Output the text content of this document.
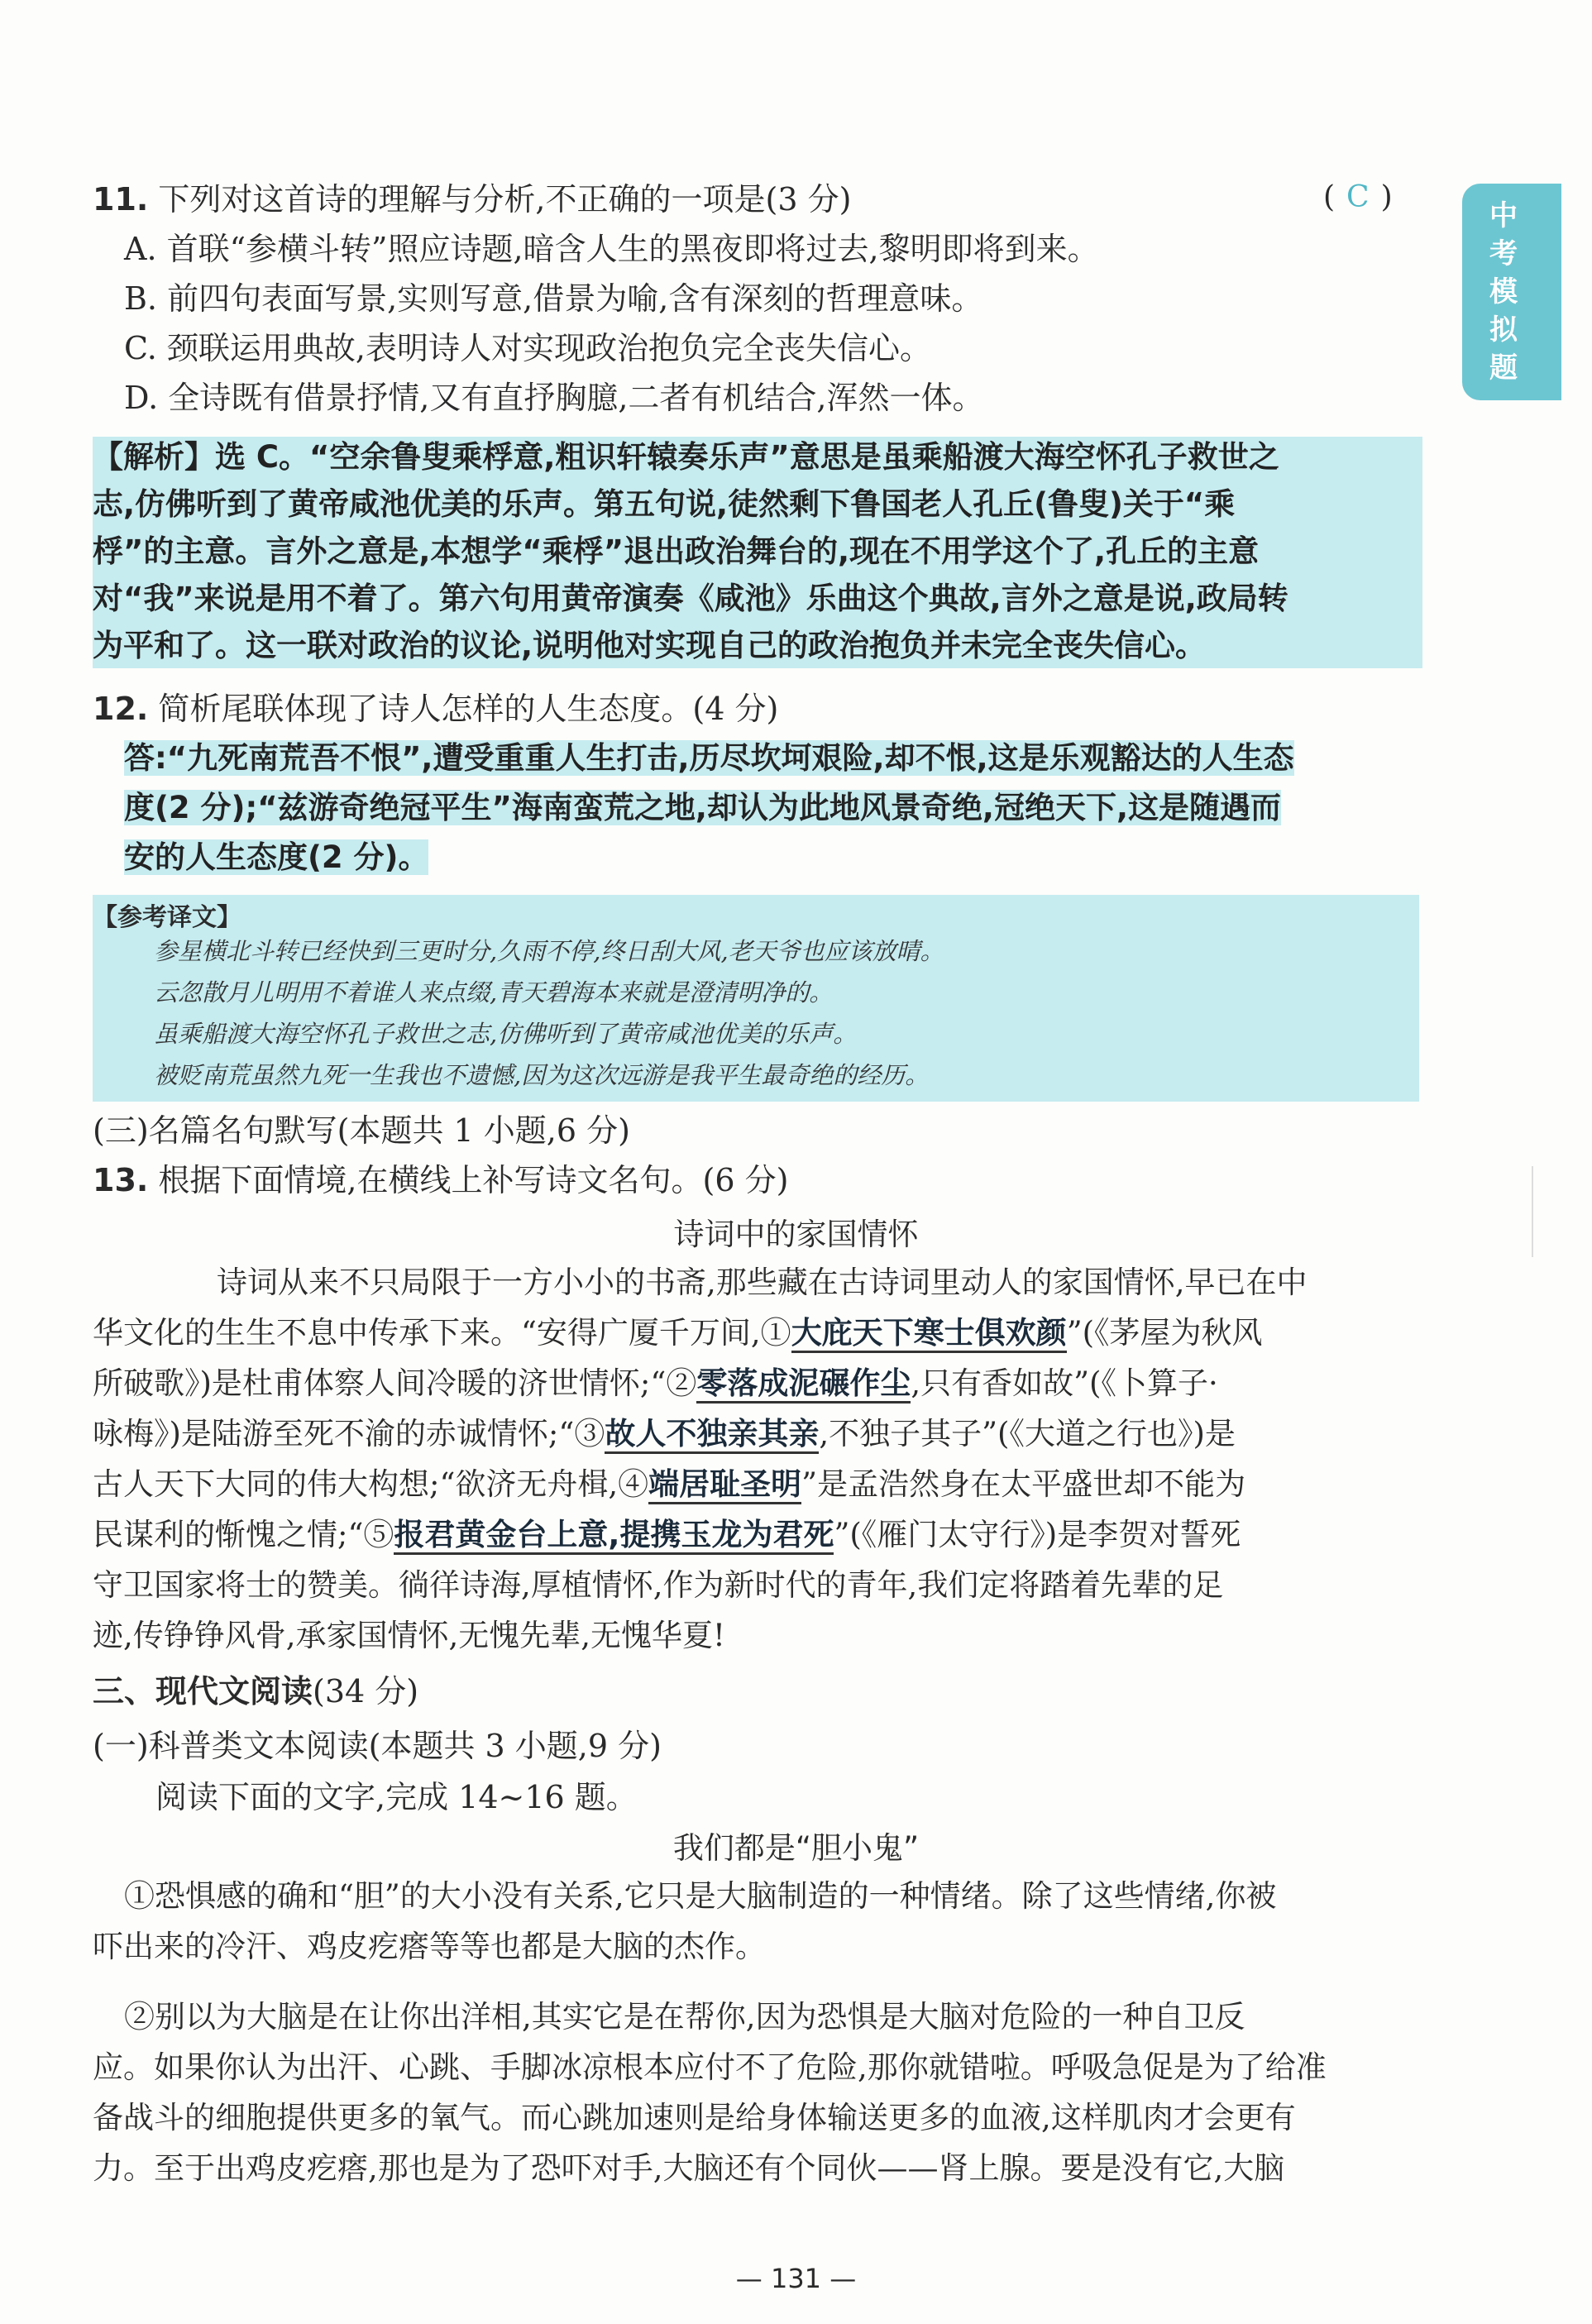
中
考
模
拟
题
11. 下列对这首诗的理解与分析,不正确的一项是(3 分)	( C )
A. 首联“参横斗转”照应诗题,暗含人生的黑夜即将过去,黎明即将到来。
B. 前四句表面写景,实则写意,借景为喻,含有深刻的哲理意味。
C. 颈联运用典故,表明诗人对实现政治抱负完全丧失信心。
D. 全诗既有借景抒情,又有直抒胸臆,二者有机结合,浑然一体。
【解析】选 C。“空余鲁叟乘桴意,粗识轩辕奏乐声”意思是虽乘船渡大海空怀孔子救世之
志,仿佛听到了黄帝咸池优美的乐声。第五句说,徒然剩下鲁国老人孔丘(鲁叟)关于“乘
桴”的主意。言外之意是,本想学“乘桴”退出政治舞台的,现在不用学这个了,孔丘的主意
对“我”来说是用不着了。第六句用黄帝演奏《咸池》乐曲这个典故,言外之意是说,政局转
为平和了。这一联对政治的议论,说明他对实现自己的政治抱负并未完全丧失信心。
12. 简析尾联体现了诗人怎样的人生态度。(4 分)
答:“九死南荒吾不恨”,遭受重重人生打击,历尽坎坷艰险,却不恨,这是乐观豁达的人生态
度(2 分);“兹游奇绝冠平生”海南蛮荒之地,却认为此地风景奇绝,冠绝天下,这是随遇而
安的人生态度(2 分)。
【参考译文】
参星横北斗转已经快到三更时分,久雨不停,终日刮大风,老天爷也应该放晴。
云忽散月儿明用不着谁人来点缀,青天碧海本来就是澄清明净的。
虽乘船渡大海空怀孔子救世之志,仿佛听到了黄帝咸池优美的乐声。
被贬南荒虽然九死一生我也不遗憾,因为这次远游是我平生最奇绝的经历。
(三)名篇名句默写(本题共 1 小题,6 分)
13. 根据下面情境,在横线上补写诗文名句。(6 分)
诗词中的家国情怀
诗词从来不只局限于一方小小的书斋,那些藏在古诗词里动人的家国情怀,早已在中
华文化的生生不息中传承下来。“安得广厦千万间,①大庇天下寒士俱欢颜”(《茅屋为秋风
所破歌》)是杜甫体察人间冷暖的济世情怀;“②零落成泥碾作尘,只有香如故”(《卜算子·
咏梅》)是陆游至死不渝的赤诚情怀;“③故人不独亲其亲,不独子其子”(《大道之行也》)是
古人天下大同的伟大构想;“欲济无舟楫,④端居耻圣明”是孟浩然身在太平盛世却不能为
民谋利的惭愧之情;“⑤报君黄金台上意,提携玉龙为君死”(《雁门太守行》)是李贺对誓死
守卫国家将士的赞美。徜徉诗海,厚植情怀,作为新时代的青年,我们定将踏着先辈的足
迹,传铮铮风骨,承家国情怀,无愧先辈,无愧华夏!
三、现代文阅读(34 分)
(一)科普类文本阅读(本题共 3 小题,9 分)
阅读下面的文字,完成 14~16 题。
我们都是“胆小鬼”
①恐惧感的确和“胆”的大小没有关系,它只是大脑制造的一种情绪。除了这些情绪,你被
吓出来的冷汗、鸡皮疙瘩等等也都是大脑的杰作。
②别以为大脑是在让你出洋相,其实它是在帮你,因为恐惧是大脑对危险的一种自卫反
应。如果你认为出汗、心跳、手脚冰凉根本应付不了危险,那你就错啦。呼吸急促是为了给准
备战斗的细胞提供更多的氧气。而心跳加速则是给身体输送更多的血液,这样肌肉才会更有
力。至于出鸡皮疙瘩,那也是为了恐吓对手,大脑还有个同伙——肾上腺。要是没有它,大脑
— 131 —
